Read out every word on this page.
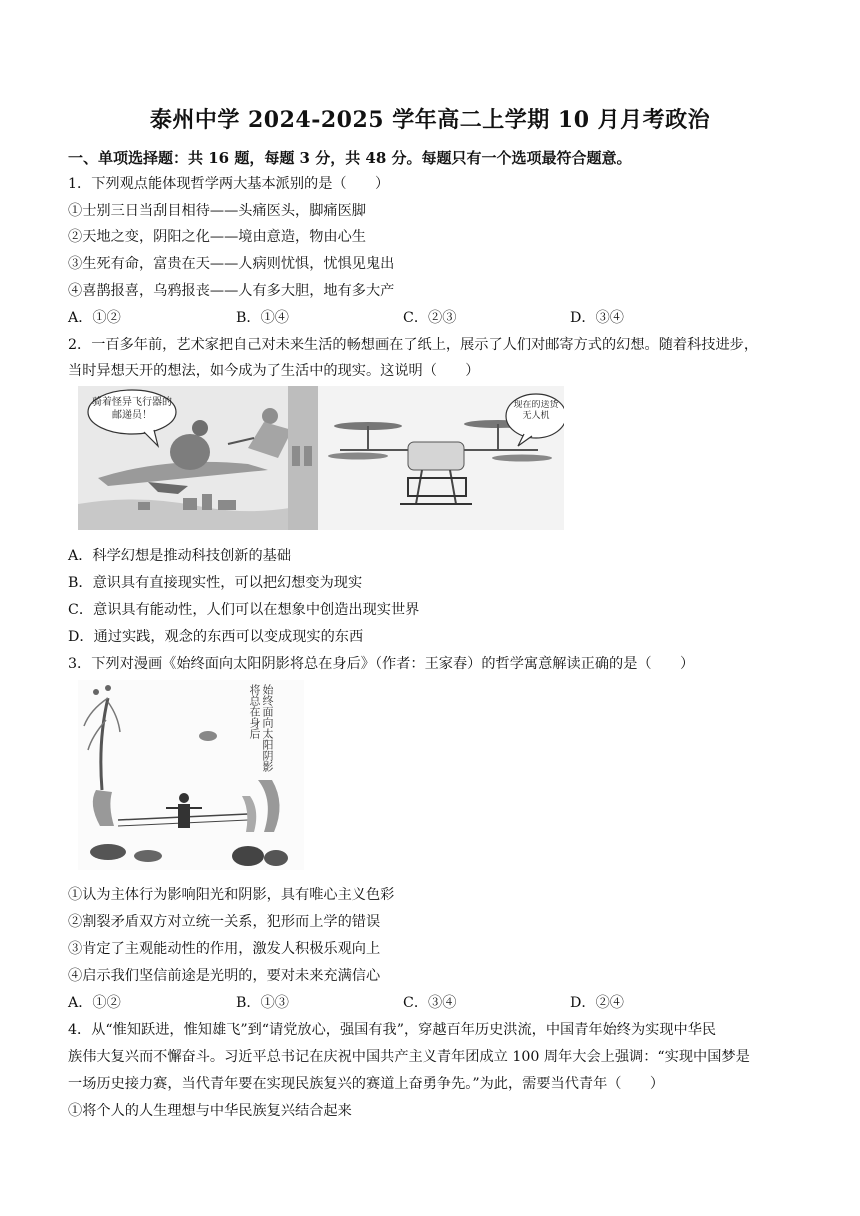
泰州中学 2024-2025 学年高二上学期 10 月月考政治
一、单项选择题：共 16 题，每题 3 分，共 48 分。每题只有一个选项最符合题意。
1．下列观点能体现哲学两大基本派别的是（　　）
①士别三日当刮目相待——头痛医头，脚痛医脚
②天地之变，阴阳之化——境由意造，物由心生
③生死有命，富贵在天——人病则忧惧，忧惧见鬼出
④喜鹊报喜，乌鸦报丧——人有多大胆，地有多大产
A．①②	B．①④	C．②③	D．③④
2．一百多年前，艺术家把自己对未来生活的畅想画在了纸上，展示了人们对邮寄方式的幻想。随着科技进步，
当时异想天开的想法，如今成为了生活中的现实。这说明（　　）
骑着怪异飞行器的邮递员！
现在的送货无人机
A．科学幻想是推动科技创新的基础
B．意识具有直接现实性，可以把幻想变为现实
C．意识具有能动性，人们可以在想象中创造出现实世界
D．通过实践，观念的东西可以变成现实的东西
3．下列对漫画《始终面向太阳阴影将总在身后》（作者：王家春）的哲学寓意解读正确的是（　　）
始终面向太阳阴影将总在身后
①认为主体行为影响阳光和阴影，具有唯心主义色彩
②割裂矛盾双方对立统一关系，犯形而上学的错误
③肯定了主观能动性的作用，激发人积极乐观向上
④启示我们坚信前途是光明的，要对未来充满信心
A．①②	B．①③	C．③④	D．②④
4．从“惟知跃进，惟知雄飞”到“请党放心，强国有我”，穿越百年历史洪流，中国青年始终为实现中华民
族伟大复兴而不懈奋斗。习近平总书记在庆祝中国共产主义青年团成立 100 周年大会上强调：“实现中国梦是
一场历史接力赛，当代青年要在实现民族复兴的赛道上奋勇争先。”为此，需要当代青年（　　）
①将个人的人生理想与中华民族复兴结合起来
